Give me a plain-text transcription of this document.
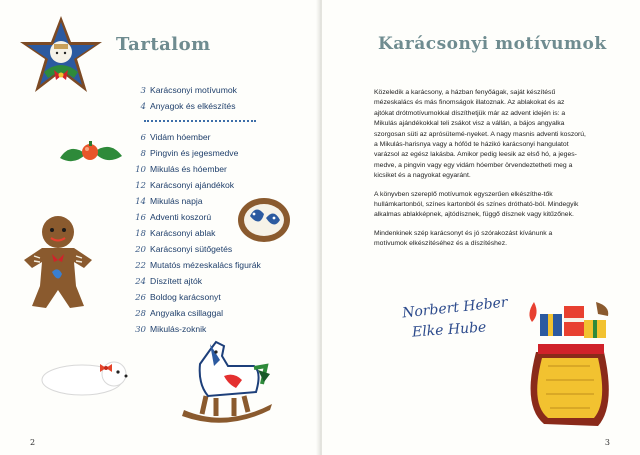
Tartalom
3 Karácsonyi motívumok
4 Anyagok és elkészítés
6 Vidám hóember
8 Pingvin és jegesmedve
10 Mikulás és hóember
12 Karácsonyi ajándékok
14 Mikulás napja
16 Adventi koszorú
18 Karácsonyi ablak
20 Karácsonyi sütőgetés
22 Mutatós mézeskalács figurák
24 Díszített ajtók
26 Boldog karácsonyt
28 Angyalka csillaggal
30 Mikulás-zoknik
2
Karácsonyi motívumok

Közeledik a karácsony, a házban fenyőágak, saját készítésű mézeskalács és más finomságok illatoznak. Az ablakokat és az ajtókat drótmotívumokkal díszíthetjük már az advent idején is: a Mikulás ajándékokkal teli zsákot visz a vállán, a bájos angyalka szorgosan süti az aprósütemé-nyeket. A nagy masnis adventi koszorú, a Mikulás-harisnya vagy a hóföd te házikó karácsonyi hangulatot varázsol az egész lakásba. Amikor pedig leesik az első hó, a jeges-medve, a pingvin vagy egy vidám hóember örvendeztetheti meg a kicsiket és a nagyokat egyaránt.

A könyvben szereplő motívumok egyszerűen elkészíthe-tők hullámkartonból, színes kartonból és színes drótható-ból. Mindegyik alkalmas ablakképnek, ajtódísznek, függő dísznek vagy kitűzőnek.

Mindenkinek szép karácsonyt és jó szórakozást kívánunk a motívumok elkészítéséhez és a díszítéshez.

Norbert Heber
Elke Hube
3
